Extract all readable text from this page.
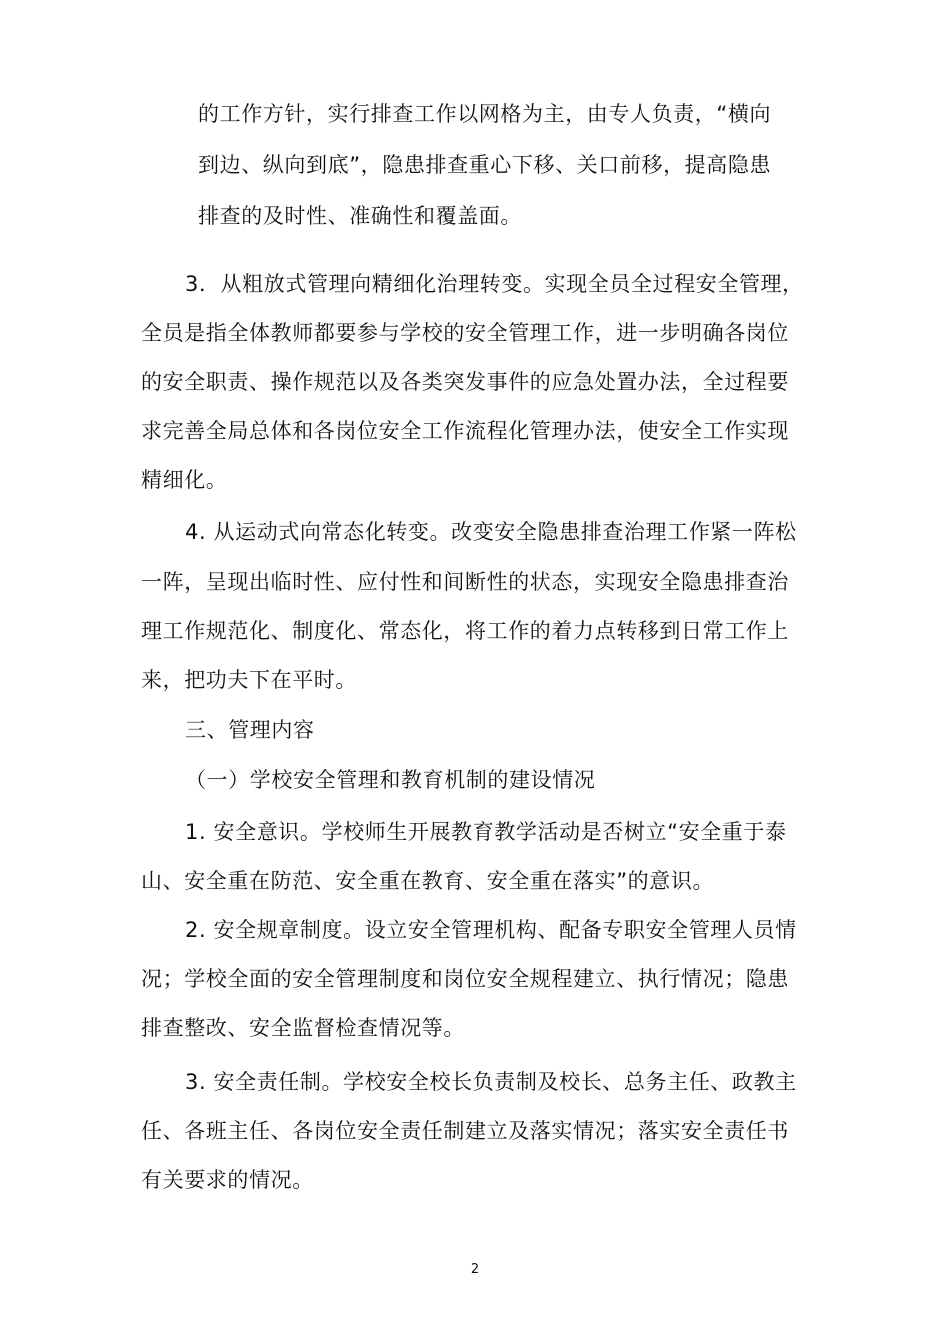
的工作方针，实行排查工作以网格为主，由专人负责，“横向
到边、纵向到底”，隐患排查重心下移、关口前移，提高隐患
排查的及时性、准确性和覆盖面。
3．从粗放式管理向精细化治理转变。实现全员全过程安全管理，
全员是指全体教师都要参与学校的安全管理工作，进一步明确各岗位
的安全职责、操作规范以及各类突发事件的应急处置办法，全过程要
求完善全局总体和各岗位安全工作流程化管理办法，使安全工作实现
精细化。
4. 从运动式向常态化转变。改变安全隐患排查治理工作紧一阵松
一阵，呈现出临时性、应付性和间断性的状态，实现安全隐患排查治
理工作规范化、制度化、常态化，将工作的着力点转移到日常工作上
来，把功夫下在平时。
三、管理内容
（一）学校安全管理和教育机制的建设情况
1. 安全意识。学校师生开展教育教学活动是否树立“安全重于泰
山、安全重在防范、安全重在教育、安全重在落实”的意识。
2. 安全规章制度。设立安全管理机构、配备专职安全管理人员情
况；学校全面的安全管理制度和岗位安全规程建立、执行情况；隐患
排查整改、安全监督检查情况等。
3. 安全责任制。学校安全校长负责制及校长、总务主任、政教主
任、各班主任、各岗位安全责任制建立及落实情况；落实安全责任书
有关要求的情况。
2
